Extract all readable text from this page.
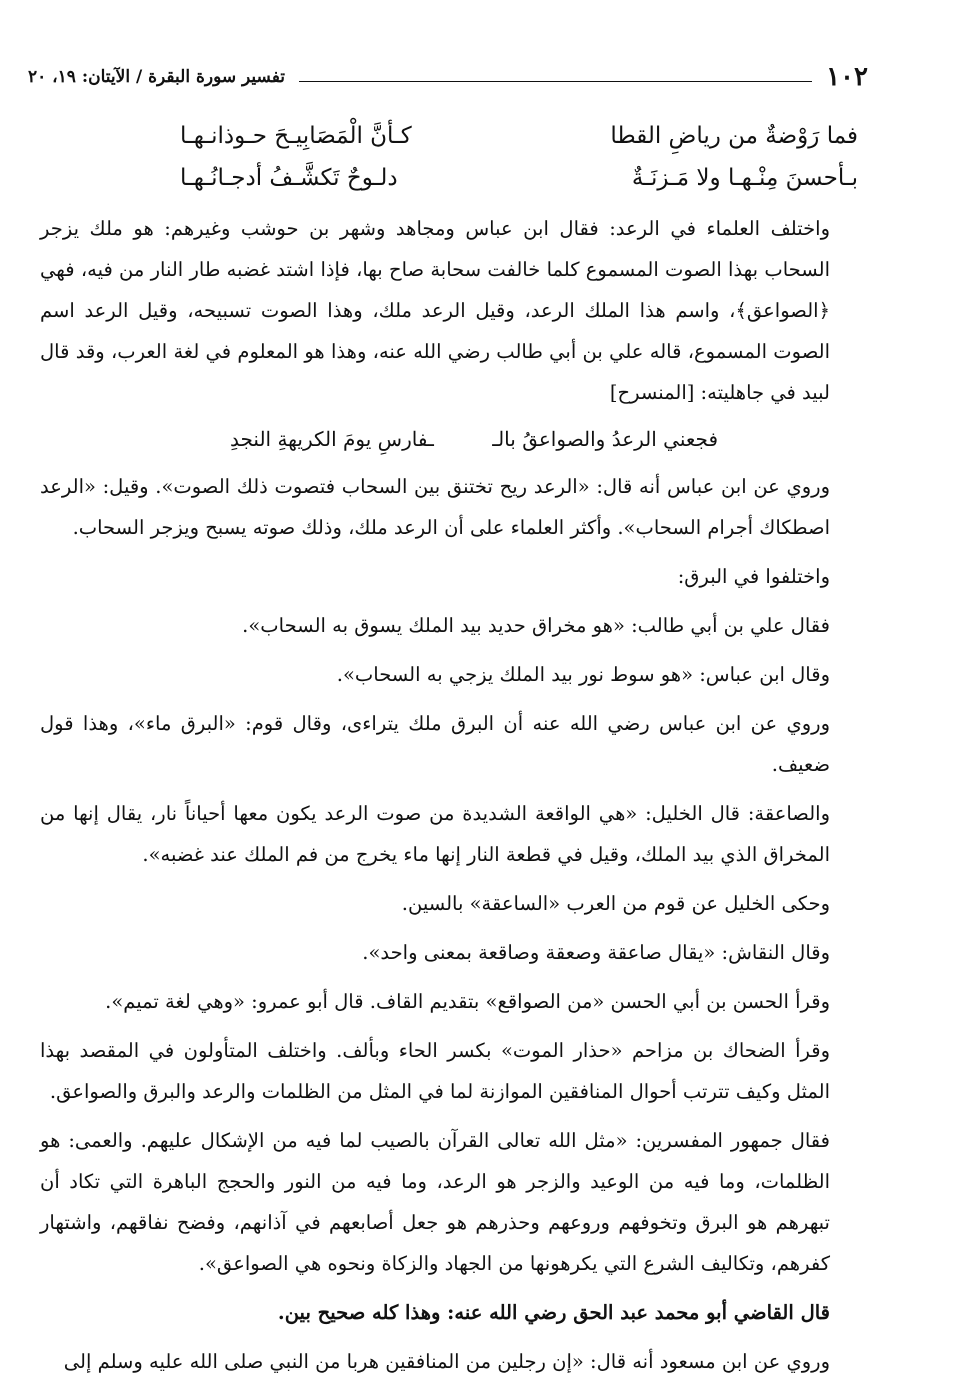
١٠٢
تفسير سورة البقرة / الآيتان: ١٩، ٢٠
فما رَوْضةٌ من رياضِ القطا
كـأنَّ الْمَصَابِيـحَ حـوذانـهـا
بـأحسنَ مِنْـهـا ولا مَـزنَـةٌ
دلـوحٌ تَكشَّـفُ أدجـانُـهـا

واختلف العلماء في الرعد: فقال ابن عباس ومجاهد وشهر بن حوشب وغيرهم: هو ملك يزجر السحاب بهذا الصوت المسموع كلما خالفت سحابة صاح بها، فإذا اشتد غضبه طار النار من فيه، فهي ﴿الصواعق﴾، واسم هذا الملك الرعد، وقيل الرعد ملك، وهذا الصوت تسبيحه، وقيل الرعد اسم الصوت المسموع، قاله علي بن أبي طالب رضي الله عنه، وهذا هو المعلوم في لغة العرب، وقد قال لبيد في جاهليته: [المنسرح]

فجعني الرعدُ والصواعقُ بالـ
ـفارسِ يومَ الكريهةِ النجدِ

وروي عن ابن عباس أنه قال: «الرعد ريح تختنق بين السحاب فتصوت ذلك الصوت». وقيل: «الرعد اصطكاك أجرام السحاب». وأكثر العلماء على أن الرعد ملك، وذلك صوته يسبح ويزجر السحاب.

واختلفوا في البرق:

فقال علي بن أبي طالب: «هو مخراق حديد بيد الملك يسوق به السحاب».

وقال ابن عباس: «هو سوط نور بيد الملك يزجي به السحاب».

وروي عن ابن عباس رضي الله عنه أن البرق ملك يتراءى، وقال قوم: «البرق ماء»، وهذا قول ضعيف.

والصاعقة: قال الخليل: «هي الواقعة الشديدة من صوت الرعد يكون معها أحياناً نار، يقال إنها من المخراق الذي بيد الملك، وقيل في قطعة النار إنها ماء يخرج من فم الملك عند غضبه».

وحكى الخليل عن قوم من العرب «الساعقة» بالسين.

وقال النقاش: «يقال صاعقة وصعقة وصاقعة بمعنى واحد».

وقرأ الحسن بن أبي الحسن «من الصواقع» بتقديم القاف. قال أبو عمرو: «وهي لغة تميم».

وقرأ الضحاك بن مزاحم «حذار الموت» بكسر الحاء وبألف. واختلف المتأولون في المقصد بهذا المثل وكيف تترتب أحوال المنافقين الموازنة لما في المثل من الظلمات والرعد والبرق والصواعق.

فقال جمهور المفسرين: «مثل الله تعالى القرآن بالصيب لما فيه من الإشكال عليهم. والعمى: هو الظلمات، وما فيه من الوعيد والزجر هو الرعد، وما فيه من النور والحجج الباهرة التي تكاد أن تبهرهم هو البرق وتخوفهم وروعهم وحذرهم هو جعل أصابعهم في آذانهم، وفضح نفاقهم، واشتهار كفرهم، وتكاليف الشرع التي يكرهونها من الجهاد والزكاة ونحوه هي الصواعق».

قال القاضي أبو محمد عبد الحق رضي الله عنه: وهذا كله صحيح بين.

وروي عن ابن مسعود أنه قال: «إن رجلين من المنافقين هربا من النبي صلى الله عليه وسلم إلى
